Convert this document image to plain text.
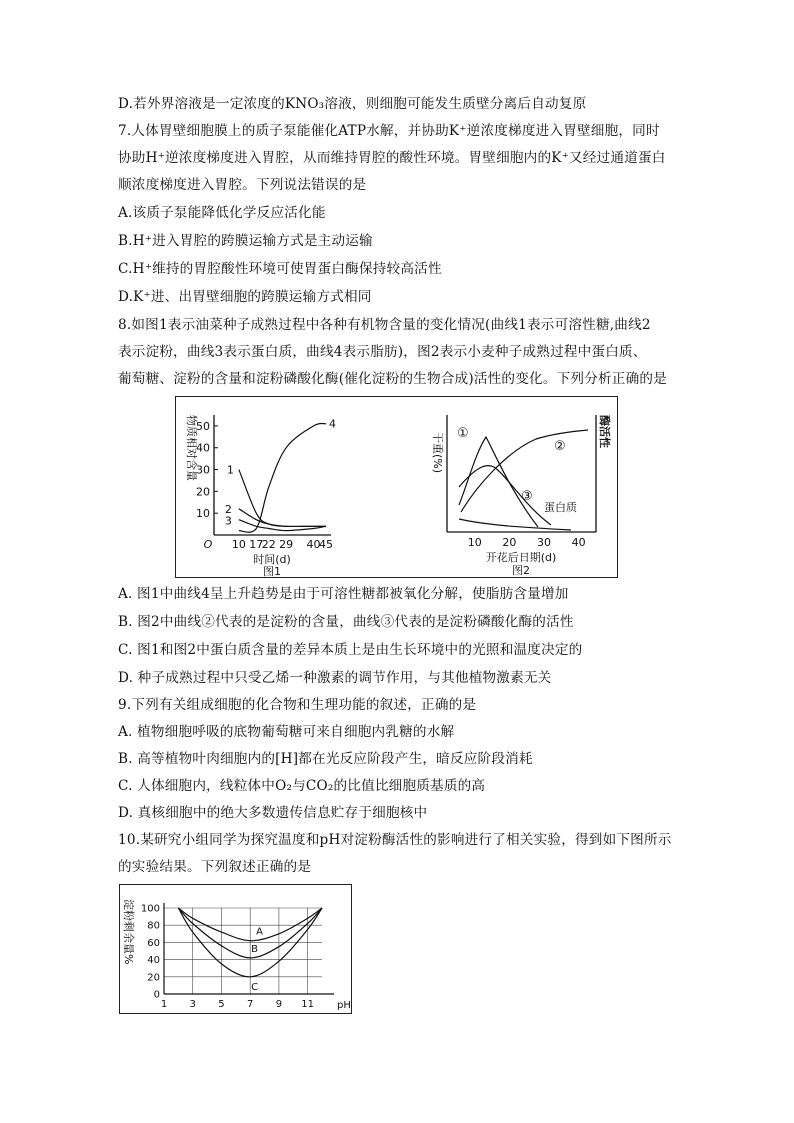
D.若外界溶液是一定浓度的KNO₃溶液，则细胞可能发生质壁分离后自动复原
7.人体胃壁细胞膜上的质子泵能催化ATP水解，并协助K⁺逆浓度梯度进入胃壁细胞，同时
协助H⁺逆浓度梯度进入胃腔，从而维持胃腔的酸性环境。胃壁细胞内的K⁺又经过通道蛋白
顺浓度梯度进入胃腔。下列说法错误的是
A.该质子泵能降低化学反应活化能
B.H⁺进入胃腔的跨膜运输方式是主动运输
C.H⁺维持的胃腔酸性环境可使胃蛋白酶保持较高活性
D.K⁺进、出胃壁细胞的跨膜运输方式相同
8.如图1表示油菜种子成熟过程中各种有机物含量的变化情况(曲线1表示可溶性糖,曲线2
表示淀粉，曲线3表示蛋白质，曲线4表示脂肪)，图2表示小麦种子成熟过程中蛋白质、
葡萄糖、淀粉的含量和淀粉磷酸化酶(催化淀粉的生物合成)活性的变化。下列分析正确的是
物质相对含量
10
20
30
40
50
O 10 17
22 29 40
45
1
2
3
4
时间(d)
图1
干重(%)
酶活性
10 20 30 40
①
②
③
蛋白质
开花后日期(d)
图2
A. 图1中曲线4呈上升趋势是由于可溶性糖都被氧化分解，使脂肪含量增加
B. 图2中曲线②代表的是淀粉的含量，曲线③代表的是淀粉磷酸化酶的活性
C. 图1和图2中蛋白质含量的差异本质上是由生长环境中的光照和温度决定的
D. 种子成熟过程中只受乙烯一种激素的调节作用，与其他植物激素无关
9.下列有关组成细胞的化合物和生理功能的叙述，正确的是
A. 植物细胞呼吸的底物葡萄糖可来自细胞内乳糖的水解
B. 高等植物叶肉细胞内的[H]都在光反应阶段产生，暗反应阶段消耗
C. 人体细胞内，线粒体中O₂与CO₂的比值比细胞质基质的高
D. 真核细胞中的绝大多数遗传信息贮存于细胞核中
10.某研究小组同学为探究温度和pH对淀粉酶活性的影响进行了相关实验，得到如下图所示
的实验结果。下列叙述正确的是
淀粉剩余量%
0
20
40
60
80
100
1 3 5 7 9 11
A
B
C
pH
